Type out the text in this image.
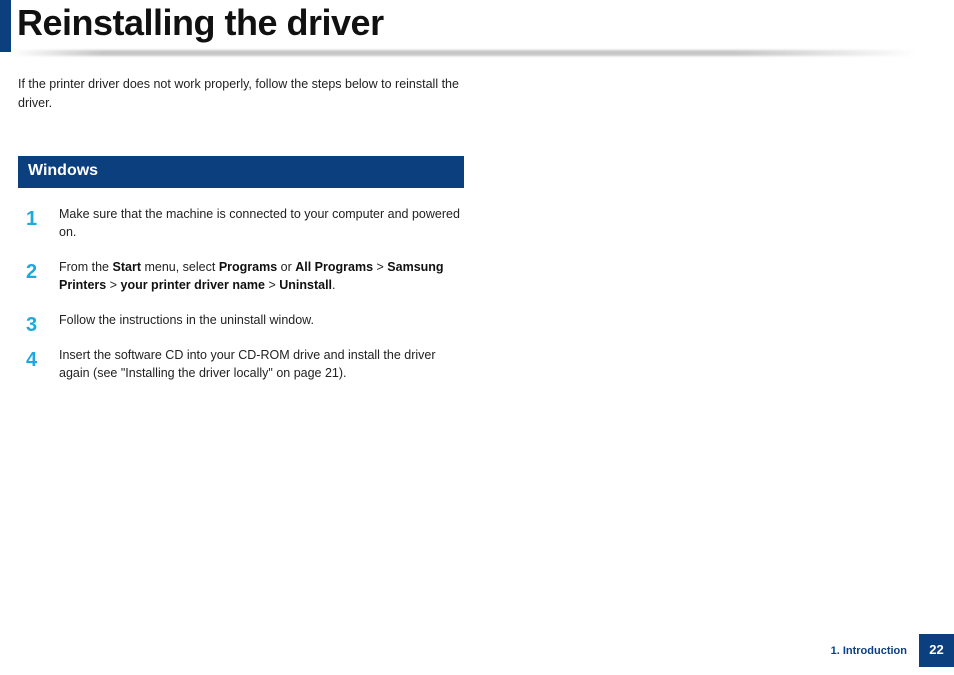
Reinstalling the driver

If the printer driver does not work properly, follow the steps below to reinstall the driver.

Windows
1 Make sure that the machine is connected to your computer and powered on.
2 From the Start menu, select Programs or All Programs > Samsung Printers > your printer driver name > Uninstall.
3 Follow the instructions in the uninstall window.
4 Insert the software CD into your CD-ROM drive and install the driver again (see "Installing the driver locally" on page 21).
1. Introduction	22
